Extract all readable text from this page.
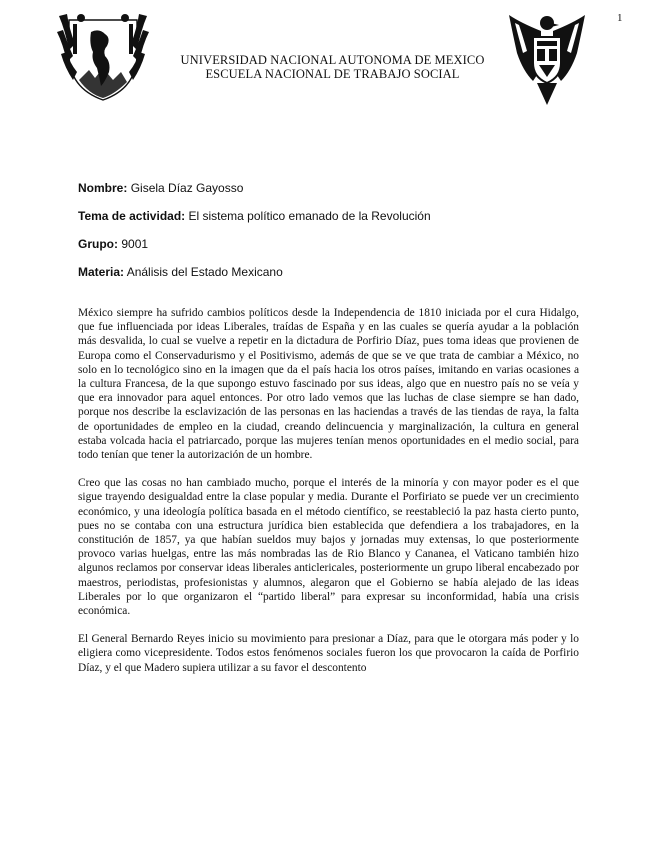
1
UNIVERSIDAD NACIONAL AUTONOMA DE MEXICO
ESCUELA NACIONAL DE TRABAJO SOCIAL
Nombre: Gisela Díaz Gayosso
Tema de actividad: El sistema político emanado de la Revolución
Grupo: 9001
Materia: Análisis del Estado Mexicano

México siempre ha sufrido cambios políticos desde la Independencia de 1810 iniciada por el cura Hidalgo, que fue influenciada por ideas Liberales, traídas de España y en las cuales se quería ayudar a la población más desvalida, lo cual se vuelve a repetir en la dictadura de Porfirio Díaz, pues toma ideas que provienen de Europa como el Conservadurismo y el Positivismo, además de que se ve que trata de cambiar a México, no solo en lo tecnológico sino en la imagen que da el país hacia los otros países, imitando en varias ocasiones a la cultura Francesa, de la que supongo estuvo fascinado por sus ideas, algo que en nuestro país no se veía y que era innovador para aquel entonces. Por otro lado vemos que las luchas de clase siempre se han dado, porque nos describe la esclavización de las personas en las haciendas a través de las tiendas de raya, la falta de oportunidades de empleo en la ciudad, creando delincuencia y marginalización, la cultura en general estaba volcada hacia el patriarcado, porque las mujeres tenían menos oportunidades en el medio social, para todo tenían que tener la autorización de un hombre.

Creo que las cosas no han cambiado mucho, porque el interés de la minoría y con mayor poder es el que sigue trayendo desigualdad entre la clase popular y media. Durante el Porfiriato se puede ver un crecimiento económico, y una ideología política basada en el método científico, se reestableció la paz hasta cierto punto, pues no se contaba con una estructura jurídica bien establecida que defendiera a los trabajadores, en la constitución de 1857, ya que habían sueldos muy bajos y jornadas muy extensas, lo que posteriormente provoco varias huelgas, entre las más nombradas las de Rio Blanco y Cananea, el Vaticano también hizo algunos reclamos por conservar ideas liberales anticlericales, posteriormente un grupo liberal encabezado por maestros, periodistas, profesionistas y alumnos, alegaron que el Gobierno se había alejado de las ideas Liberales por lo que organizaron el “partido liberal” para expresar su inconformidad, había una crisis económica.

El General Bernardo Reyes inicio su movimiento para presionar a Díaz, para que le otorgara más poder y lo eligiera como vicepresidente. Todos estos fenómenos sociales fueron los que provocaron la caída de Porfirio Díaz, y el que Madero supiera utilizar a su favor el descontento
